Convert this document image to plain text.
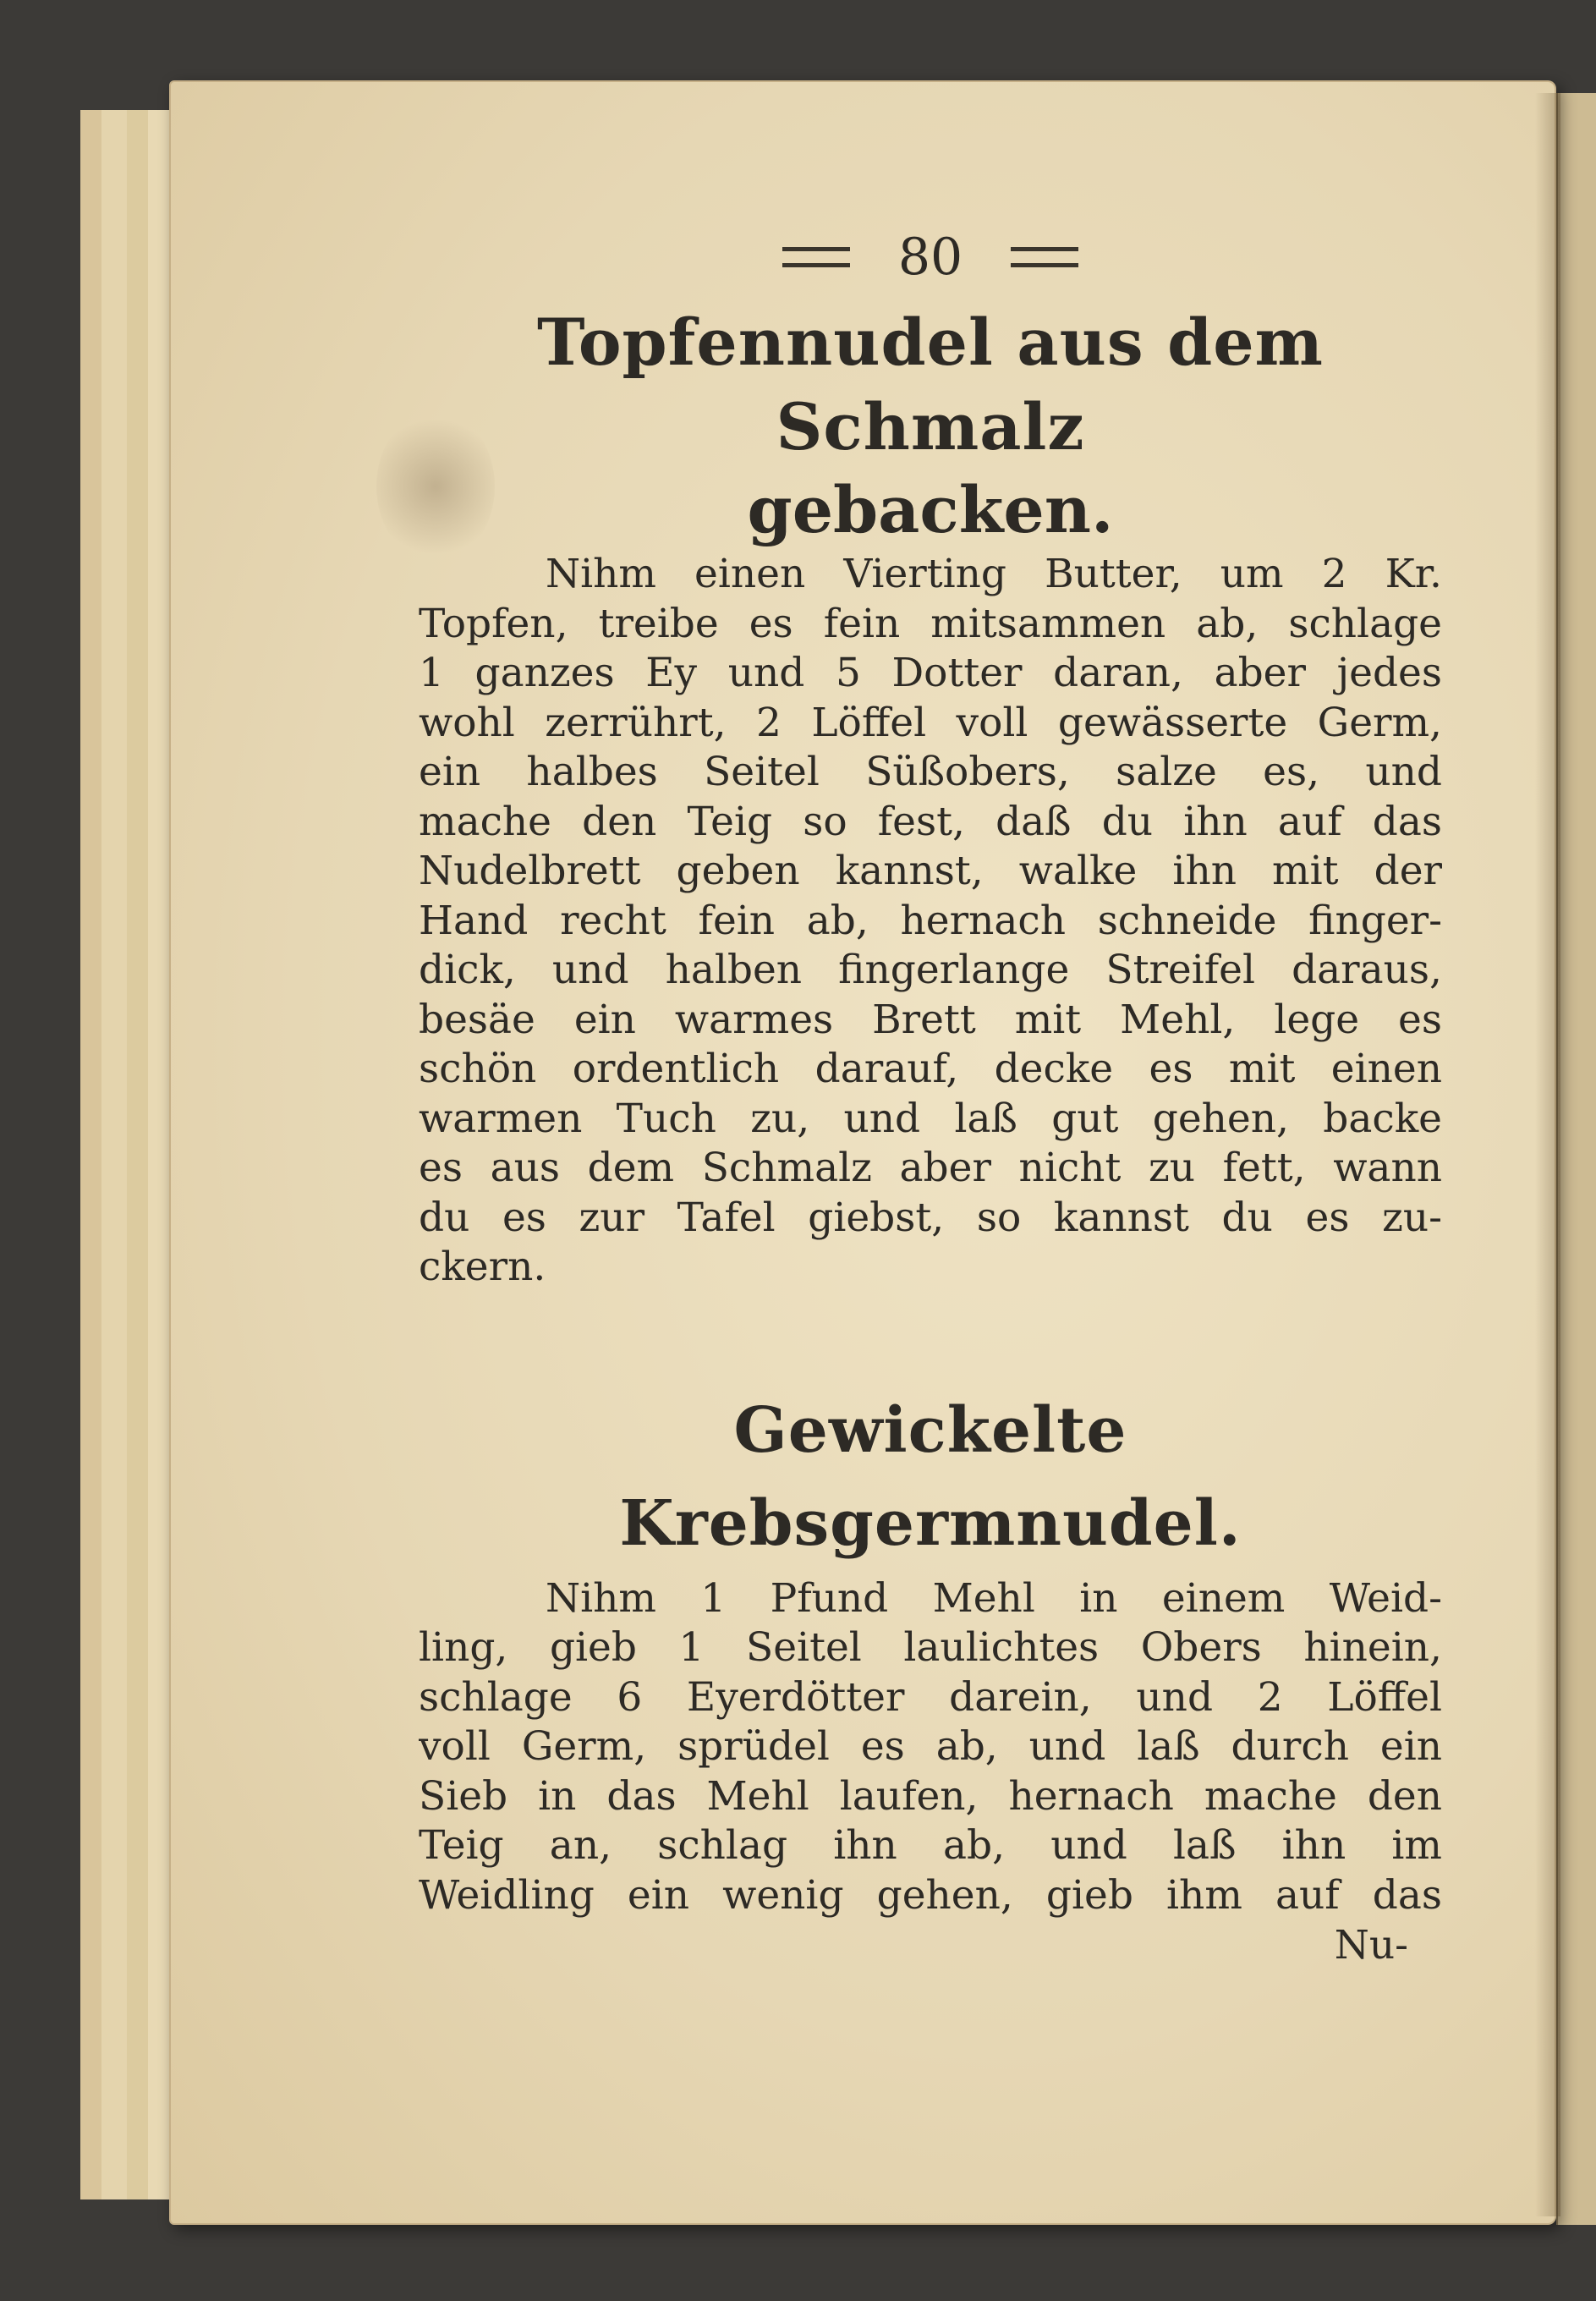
80
Topfennudel aus dem Schmalz
gebacken.
Nihm einen Vierting Butter, um 2 Kr.
Topfen, treibe es fein mitsammen ab, schlage
1 ganzes Ey und 5 Dotter daran, aber jedes
wohl zerrührt, 2 Löffel voll gewässerte Germ,
ein halbes Seitel Süßobers, salze es, und
mache den Teig so fest, daß du ihn auf das
Nudelbrett geben kannst, walke ihn mit der
Hand recht fein ab, hernach schneide finger-
dick, und halben fingerlange Streifel daraus,
besäe ein warmes Brett mit Mehl, lege es
schön ordentlich darauf, decke es mit einen
warmen Tuch zu, und laß gut gehen, backe
es aus dem Schmalz aber nicht zu fett, wann
du es zur Tafel giebst, so kannst du es zu-
ckern.
Gewickelte Krebsgermnudel.
Nihm 1 Pfund Mehl in einem Weid-
ling, gieb 1 Seitel laulichtes Obers hinein,
schlage 6 Eyerdötter darein, und 2 Löffel
voll Germ, sprüdel es ab, und laß durch ein
Sieb in das Mehl laufen, hernach mache den
Teig an, schlag ihn ab, und laß ihn im
Weidling ein wenig gehen, gieb ihm auf das
Nu-
